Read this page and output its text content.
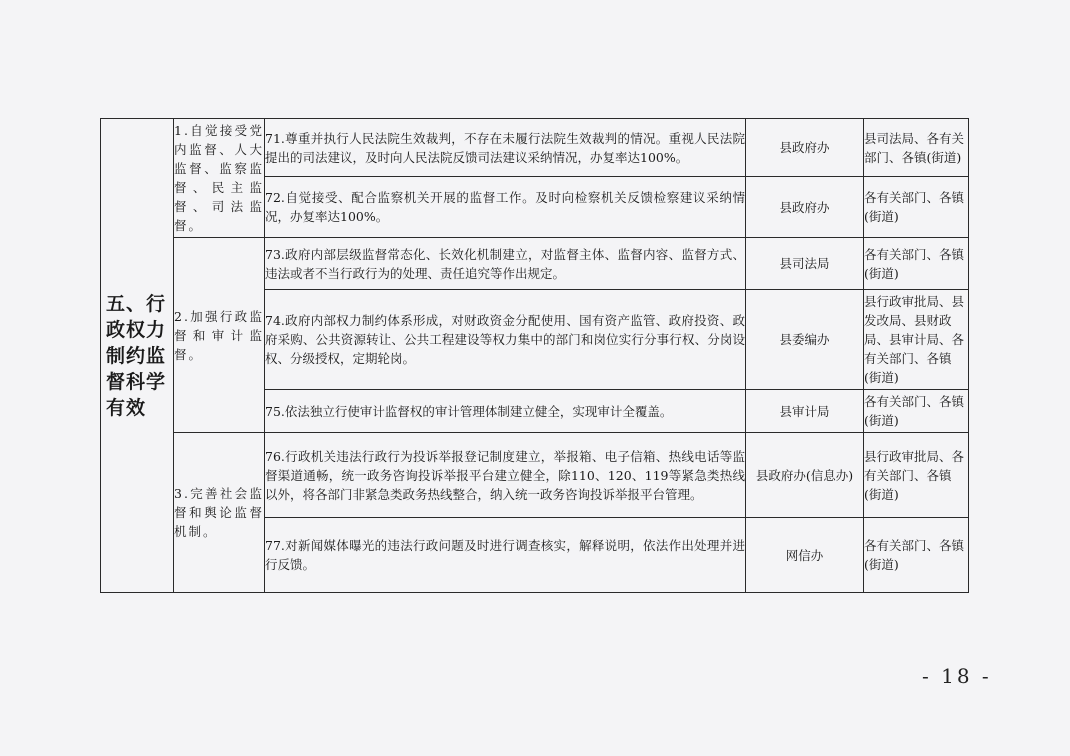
五、行政权力制约监督科学有效	1.自觉接受党内监督、人大监督、监察监督、民主监督、司法监督。	71.尊重并执行人民法院生效裁判，不存在未履行法院生效裁判的情况。重视人民法院提出的司法建议，及时向人民法院反馈司法建议采纳情况，办复率达100%。	县政府办	县司法局、各有关部门、各镇(街道)
		72.自觉接受、配合监察机关开展的监督工作。及时向检察机关反馈检察建议采纳情况，办复率达100%。	县政府办	各有关部门、各镇(街道)
	2.加强行政监督和审计监督。	73.政府内部层级监督常态化、长效化机制建立，对监督主体、监督内容、监督方式、违法或者不当行政行为的处理、责任追究等作出规定。	县司法局	各有关部门、各镇(街道)
		74.政府内部权力制约体系形成，对财政资金分配使用、国有资产监管、政府投资、政府采购、公共资源转让、公共工程建设等权力集中的部门和岗位实行分事行权、分岗设权、分级授权，定期轮岗。	县委编办	县行政审批局、县发改局、县财政局、县审计局、各有关部门、各镇(街道)
		75.依法独立行使审计监督权的审计管理体制建立健全，实现审计全覆盖。	县审计局	各有关部门、各镇(街道)
	3.完善社会监督和舆论监督机制。	76.行政机关违法行政行为投诉举报登记制度建立，举报箱、电子信箱、热线电话等监督渠道通畅，统一政务咨询投诉举报平台建立健全，除110、120、119等紧急类热线以外，将各部门非紧急类政务热线整合，纳入统一政务咨询投诉举报平台管理。	县政府办(信息办)	县行政审批局、各有关部门、各镇(街道)
		77.对新闻媒体曝光的违法行政问题及时进行调查核实，解释说明，依法作出处理并进行反馈。	网信办	各有关部门、各镇(街道)
- 18 -
